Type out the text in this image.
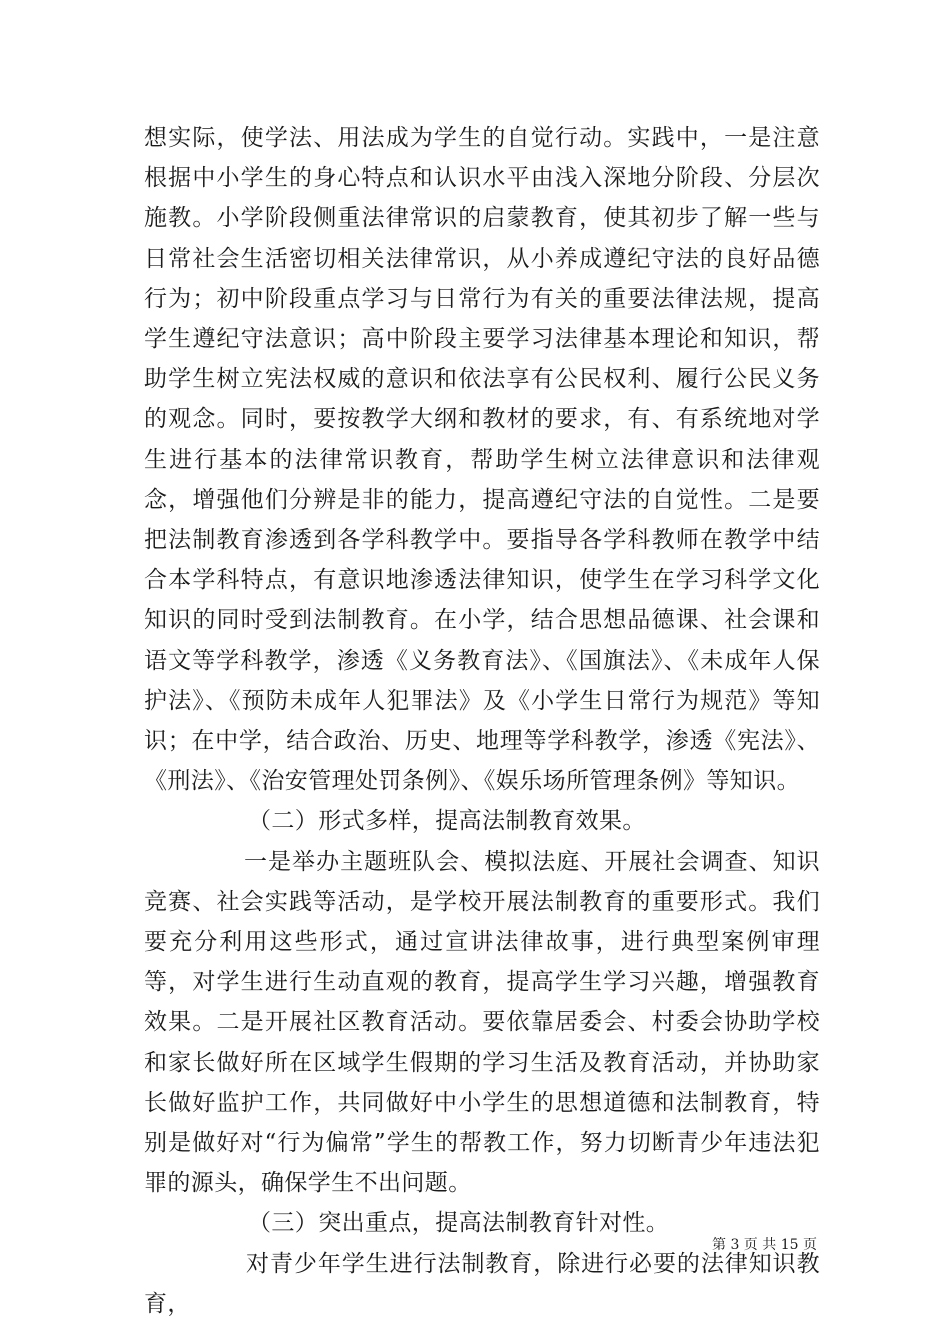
想实际，使学法、用法成为学生的自觉行动。实践中，一是注意根据中小学生的身心特点和认识水平由浅入深地分阶段、分层次施教。小学阶段侧重法律常识的启蒙教育，使其初步了解一些与日常社会生活密切相关法律常识，从小养成遵纪守法的良好品德行为；初中阶段重点学习与日常行为有关的重要法律法规，提高学生遵纪守法意识；高中阶段主要学习法律基本理论和知识，帮助学生树立宪法权威的意识和依法享有公民权利、履行公民义务的观念。同时，要按教学大纲和教材的要求，有、有系统地对学生进行基本的法律常识教育，帮助学生树立法律意识和法律观念，增强他们分辨是非的能力，提高遵纪守法的自觉性。二是要把法制教育渗透到各学科教学中。要指导各学科教师在教学中结合本学科特点，有意识地渗透法律知识，使学生在学习科学文化知识的同时受到法制教育。在小学，结合思想品德课、社会课和语文等学科教学，渗透《义务教育法》、《国旗法》、《未成年人保护法》、《预防未成年人犯罪法》及《小学生日常行为规范》等知识；在中学，结合政治、历史、地理等学科教学，渗透《宪法》、《刑法》、《治安管理处罚条例》、《娱乐场所管理条例》等知识。

（二）形式多样，提高法制教育效果。

一是举办主题班队会、模拟法庭、开展社会调查、知识竞赛、社会实践等活动，是学校开展法制教育的重要形式。我们要充分利用这些形式，通过宣讲法律故事，进行典型案例审理等，对学生进行生动直观的教育，提高学生学习兴趣，增强教育效果。二是开展社区教育活动。要依靠居委会、村委会协助学校和家长做好所在区域学生假期的学习生活及教育活动，并协助家长做好监护工作，共同做好中小学生的思想道德和法制教育，特别是做好对“行为偏常”学生的帮教工作，努力切断青少年违法犯罪的源头，确保学生不出问题。

（三）突出重点，提高法制教育针对性。

对青少年学生进行法制教育，除进行必要的法律知识教育，

第 3 页 共 15 页
